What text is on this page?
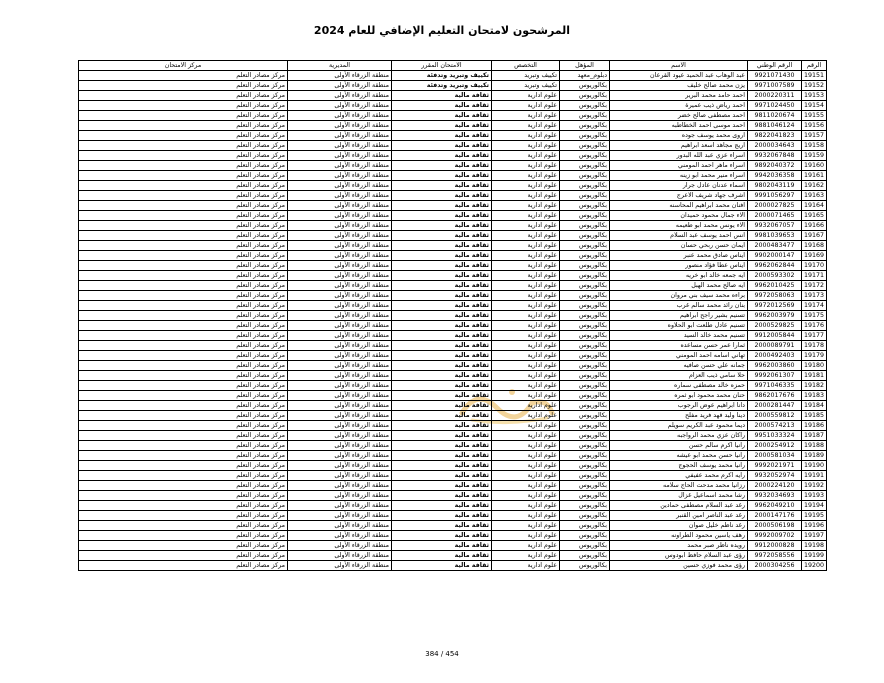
المرشحون لامتحان التعليم الإضافي للعام 2024
الرقم	الرقم الوطني	الاسم	المؤهل	التخصص	الامتحان المقرر	المديرية	مركز الامتحان
19151	9921071430	عبد الوهاب عبد الحميد عيود القرعان	دبلوم_معهد	تكييف وتبريد	تكييف وتبريد وتدفئة	منطقة الزرقاء الأولى	مركز مصادر التعلم
19152	9971007589	يزن محمد صالح خليف	بكالوريوس	تكييف وتبريد	تكييف وتبريد وتدفئة	منطقة الزرقاء الأولى	مركز مصادر التعلم
19153	2000220311	احمد حامد محمد البرير	بكالوريوس	علوم ادارية	ثقافة مالية	منطقة الزرقاء الأولى	مركز مصادر التعلم
19154	9971024450	احمد رياض ذيب عميرة	بكالوريوس	علوم ادارية	ثقافة مالية	منطقة الزرقاء الأولى	مركز مصادر التعلم
19155	9811020674	احمد مصطفى صالح خضر	بكالوريوس	علوم ادارية	ثقافة مالية	منطقة الزرقاء الأولى	مركز مصادر التعلم
19156	9881046124	احمد موسى احمد الخطاطبه	بكالوريوس	علوم ادارية	ثقافة مالية	منطقة الزرقاء الأولى	مركز مصادر التعلم
19157	9822041823	اروى محمد يوسف جوده	بكالوريوس	علوم ادارية	ثقافة مالية	منطقة الزرقاء الأولى	مركز مصادر التعلم
19158	2000034643	اريج مجاهد اسعد ابراهيم	بكالوريوس	علوم ادارية	ثقافة مالية	منطقة الزرقاء الأولى	مركز مصادر التعلم
19159	9932067848	اسراء عزي عبد الله البدور	بكالوريوس	علوم ادارية	ثقافة مالية	منطقة الزرقاء الأولى	مركز مصادر التعلم
19160	9892040372	اسراء ماهر احمد المومني	بكالوريوس	علوم ادارية	ثقافة مالية	منطقة الزرقاء الأولى	مركز مصادر التعلم
19161	9942036358	اسراء منير محمد ابو زينه	بكالوريوس	علوم ادارية	ثقافة مالية	منطقة الزرقاء الأولى	مركز مصادر التعلم
19162	9802043119	اسماء عدنان عادل جرار	بكالوريوس	علوم ادارية	ثقافة مالية	منطقة الزرقاء الأولى	مركز مصادر التعلم
19163	9991056297	اشرف جهاد شريف الاعرج	بكالوريوس	علوم ادارية	ثقافة مالية	منطقة الزرقاء الأولى	مركز مصادر التعلم
19164	2000027825	افنان محمد ابراهيم المحاسنه	بكالوريوس	علوم ادارية	ثقافة مالية	منطقة الزرقاء الأولى	مركز مصادر التعلم
19165	2000071465	الاء جمال محمود حميدان	بكالوريوس	علوم ادارية	ثقافة مالية	منطقة الزرقاء الأولى	مركز مصادر التعلم
19166	9932067057	الاء يونس محمد ابو طعيمه	بكالوريوس	علوم ادارية	ثقافة مالية	منطقة الزرقاء الأولى	مركز مصادر التعلم
19167	9981039653	انس احمد يوسف عبد السلام	بكالوريوس	علوم ادارية	ثقافة مالية	منطقة الزرقاء الأولى	مركز مصادر التعلم
19168	2000483477	ايمان حسن ربحي حسان	بكالوريوس	علوم ادارية	ثقافة مالية	منطقة الزرقاء الأولى	مركز مصادر التعلم
19169	9902000147	ايناس صادق محمد عنبر	بكالوريوس	علوم ادارية	ثقافة مالية	منطقة الزرقاء الأولى	مركز مصادر التعلم
19170	9962062844	ايناس عطا فؤاد منصور	بكالوريوس	علوم ادارية	ثقافة مالية	منطقة الزرقاء الأولى	مركز مصادر التعلم
19171	2000593302	ايه جمعه خالد ابو خريه	بكالوريوس	علوم ادارية	ثقافة مالية	منطقة الزرقاء الأولى	مركز مصادر التعلم
19172	9962010425	ايه صالح محمد الهبل	بكالوريوس	علوم ادارية	ثقافة مالية	منطقة الزرقاء الأولى	مركز مصادر التعلم
19173	9972058063	براءه محمد سيف بني مروان	بكالوريوس	علوم ادارية	ثقافة مالية	منطقة الزرقاء الأولى	مركز مصادر التعلم
19174	9972012569	بنان رائد محمد سالم غرب	بكالوريوس	علوم ادارية	ثقافة مالية	منطقة الزرقاء الأولى	مركز مصادر التعلم
19175	9962003979	تسنيم بشير راجح ابراهيم	بكالوريوس	علوم ادارية	ثقافة مالية	منطقة الزرقاء الأولى	مركز مصادر التعلم
19176	2000529825	تسنيم عادل طلعت ابو الحلاوه	بكالوريوس	علوم ادارية	ثقافة مالية	منطقة الزرقاء الأولى	مركز مصادر التعلم
19177	9912005844	تسنيم محمد خالد السيد	بكالوريوس	علوم ادارية	ثقافة مالية	منطقة الزرقاء الأولى	مركز مصادر التعلم
19178	2000089791	ثمارا عمر حسن مساعده	بكالوريوس	علوم ادارية	ثقافة مالية	منطقة الزرقاء الأولى	مركز مصادر التعلم
19179	2000492403	تهاني اسامه احمد المومني	بكالوريوس	علوم ادارية	ثقافة مالية	منطقة الزرقاء الأولى	مركز مصادر التعلم
19180	9962003860	جمانه علي حسن صافيه	بكالوريوس	علوم ادارية	ثقافة مالية	منطقة الزرقاء الأولى	مركز مصادر التعلم
19181	9992061307	حلا سامي ذيب العزام	بكالوريوس	علوم ادارية	ثقافة مالية	منطقة الزرقاء الأولى	مركز مصادر التعلم
19182	9971046335	حمزه خالد مصطفى سماره	بكالوريوس	علوم ادارية	ثقافة مالية	منطقة الزرقاء الأولى	مركز مصادر التعلم
19183	9862017676	حنان محمد محمود ابو ثمره	بكالوريوس	علوم ادارية	ثقافة مالية	منطقة الزرقاء الأولى	مركز مصادر التعلم
19184	2000281447	دانا ابراهيم عوض الرجوب	بكالوريوس	علوم ادارية	ثقافة مالية	منطقة الزرقاء الأولى	مركز مصادر التعلم
19185	2000559812	دينا وليد فهد فريد مفلح	بكالوريوس	علوم ادارية	ثقافة مالية	منطقة الزرقاء الأولى	مركز مصادر التعلم
19186	2000574213	ديما محمود عبد الكريم سويلم	بكالوريوس	علوم ادارية	ثقافة مالية	منطقة الزرقاء الأولى	مركز مصادر التعلم
19187	9951033324	راكان عزي محمد الرواجبه	بكالوريوس	علوم ادارية	ثقافة مالية	منطقة الزرقاء الأولى	مركز مصادر التعلم
19188	2000254912	رانيا اكرم سالم حسن	بكالوريوس	علوم ادارية	ثقافة مالية	منطقة الزرقاء الأولى	مركز مصادر التعلم
19189	2000581034	رانيا حسن محمد ابو عيشه	بكالوريوس	علوم ادارية	ثقافة مالية	منطقة الزرقاء الأولى	مركز مصادر التعلم
19190	9992021971	رانيا محمد يوسف الحجوج	بكالوريوس	علوم ادارية	ثقافة مالية	منطقة الزرقاء الأولى	مركز مصادر التعلم
19191	9932052974	رايه اكرم محمد عفيفي	بكالوريوس	علوم ادارية	ثقافة مالية	منطقة الزرقاء الأولى	مركز مصادر التعلم
19192	2000224120	رزانيا محمد مدحت الحاج سلامه	بكالوريوس	علوم ادارية	ثقافة مالية	منطقة الزرقاء الأولى	مركز مصادر التعلم
19193	9932034693	رشا محمد اسماعيل غزال	بكالوريوس	علوم ادارية	ثقافة مالية	منطقة الزرقاء الأولى	مركز مصادر التعلم
19194	9962049210	رغد عبد السلام مصطفى حمادين	بكالوريوس	علوم ادارية	ثقافة مالية	منطقة الزرقاء الأولى	مركز مصادر التعلم
19195	2000147176	رغد عبد الناصر امين القنبر	بكالوريوس	علوم ادارية	ثقافة مالية	منطقة الزرقاء الأولى	مركز مصادر التعلم
19196	2000506198	رغد ناظم خليل صوان	بكالوريوس	علوم ادارية	ثقافة مالية	منطقة الزرقاء الأولى	مركز مصادر التعلم
19197	9992009702	رهف ياسين محمود الطراونه	بكالوريوس	علوم ادارية	ثقافة مالية	منطقة الزرقاء الأولى	مركز مصادر التعلم
19198	9912000828	رويده ناظر صبر محمد	بكالوريوس	علوم ادارية	ثقافة مالية	منطقة الزرقاء الأولى	مركز مصادر التعلم
19199	9972058556	رؤى عبد السلام حافظ ابودوس	بكالوريوس	علوم ادارية	ثقافة مالية	منطقة الزرقاء الأولى	مركز مصادر التعلم
19200	2000304256	رؤى محمد فوزي حسين	بكالوريوس	علوم ادارية	ثقافة مالية	منطقة الزرقاء الأولى	مركز مصادر التعلم
384 / 454
